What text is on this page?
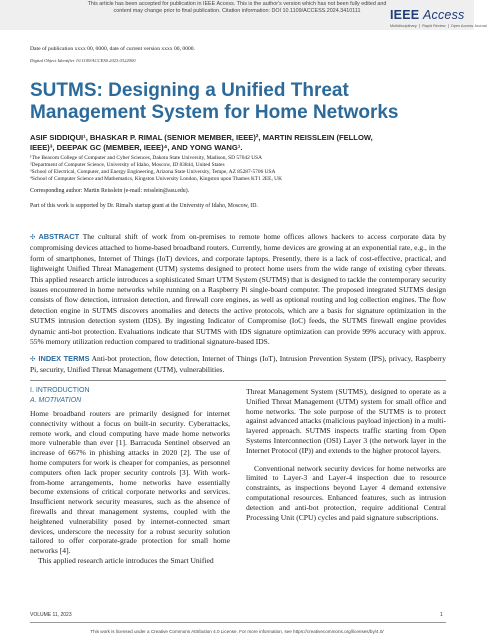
This article has been accepted for publication in IEEE Access. This is the author's version which has not been fully edited and
content may change prior to final publication. Citation information: DOI 10.1109/ACCESS.2024.3410111	IEEE Access
Multidisciplinary ❘ Rapid Review ❘ Open Access Journal
Date of publication xxxx 00, 0000, date of current version xxxx 00, 0000.
Digital Object Identifier 10.1109/ACCESS.2023.0322000
SUTMS: Designing a Unified Threat Management System for Home Networks
ASIF SIDDIQUI¹, BHASKAR P. RIMAL (SENIOR MEMBER, IEEE)², MARTIN REISSLEIN (FELLOW,
IEEE)³, DEEPAK GC (MEMBER, IEEE)⁴, AND YONG WANG¹.
¹The Beacom College of Computer and Cyber Sciences, Dakota State University, Madison, SD 57042 USA
²Department of Computer Science, University of Idaho, Moscow, ID 83844, United States
³School of Electrical, Computer, and Energy Engineering, Arizona State University, Tempe, AZ 85287-5706 USA
⁴School of Computer Science and Mathematics, Kingston University London, Kingston upon Thames KT1 2EE, UK
Corresponding author: Martin Reisslein (e-mail: reisslein@asu.edu).
Part of this work is supported by Dr. Rimal's startup grant at the University of Idaho, Moscow, ID.
✣ ABSTRACT The cultural shift of work from on-premises to remote home offices allows hackers to access corporate data by compromising devices attached to home-based broadband routers. Currently, home devices are growing at an exponential rate, e.g., in the form of smartphones, Internet of Things (IoT) devices, and corporate laptops. Presently, there is a lack of cost-effective, practical, and lightweight Unified Threat Management (UTM) systems designed to protect home users from the wide range of existing cyber threats. This applied research article introduces a sophisticated Smart UTM System (SUTMS) that is designed to tackle the contemporary security issues encountered in home networks while running on a Raspberry Pi single-board computer. The proposed integrated SUTMS design consists of flow detection, intrusion detection, and firewall core engines, as well as optional routing and log collection engines. The flow detection engine in SUTMS discovers anomalies and detects the active protocols, which are a basis for signature optimization in the SUTMS intrusion detection system (IDS). By ingesting Indicator of Compromise (IoC) feeds, the SUTMS firewall engine provides dynamic anti-bot protection. Evaluations indicate that SUTMS with IDS signature optimization can provide 99% accuracy with approx. 55% memory utilization reduction compared to traditional signature-based IDS.
✣ INDEX TERMS Anti-bot protection, flow detection, Internet of Things (IoT), Intrusion Prevention System (IPS), privacy, Raspberry Pi, security, Unified Threat Management (UTM), vulnerabilities.
I. INTRODUCTION
A. MOTIVATION

Home broadband routers are primarily designed for internet connectivity without a focus on built-in security. Cyberattacks, remote work, and cloud computing have made home networks more vulnerable than ever [1]. Barracuda Sentinel observed an increase of 667% in phishing attacks in 2020 [2]. The use of home computers for work is cheaper for companies, as personnel computers often lack proper security controls [3]. With work-from-home arrangements, home networks have essentially become extensions of critical corporate networks and services. Insufficient network security measures, such as the absence of firewalls and threat management systems, coupled with the heightened vulnerability posed by internet-connected smart devices, underscore the necessity for a robust security solution tailored to offer corporate-grade protection for small home networks [4].

This applied research article introduces the Smart Unified

Threat Management System (SUTMS), designed to operate as a Unified Threat Management (UTM) system for small office and home networks. The sole purpose of the SUTMS is to protect against advanced attacks (malicious payload injection) in a multi-layered approach. SUTMS inspects traffic starting from Open Systems Interconnection (OSI) Layer 3 (the network layer in the Internet Protocol (IP)) and extends to the higher protocol layers.

Conventional network security devices for home networks are limited to Layer-3 and Layer-4 inspection due to resource constraints, as inspections beyond Layer 4 demand extensive computational resources. Enhanced features, such as intrusion detection and anti-bot protection, require additional Central Processing Unit (CPU) cycles and paid signature subscriptions.

VOLUME 11, 2023	1
This work is licensed under a Creative Commons Attribution 4.0 License. For more information, see https://creativecommons.org/licenses/by/4.0/
